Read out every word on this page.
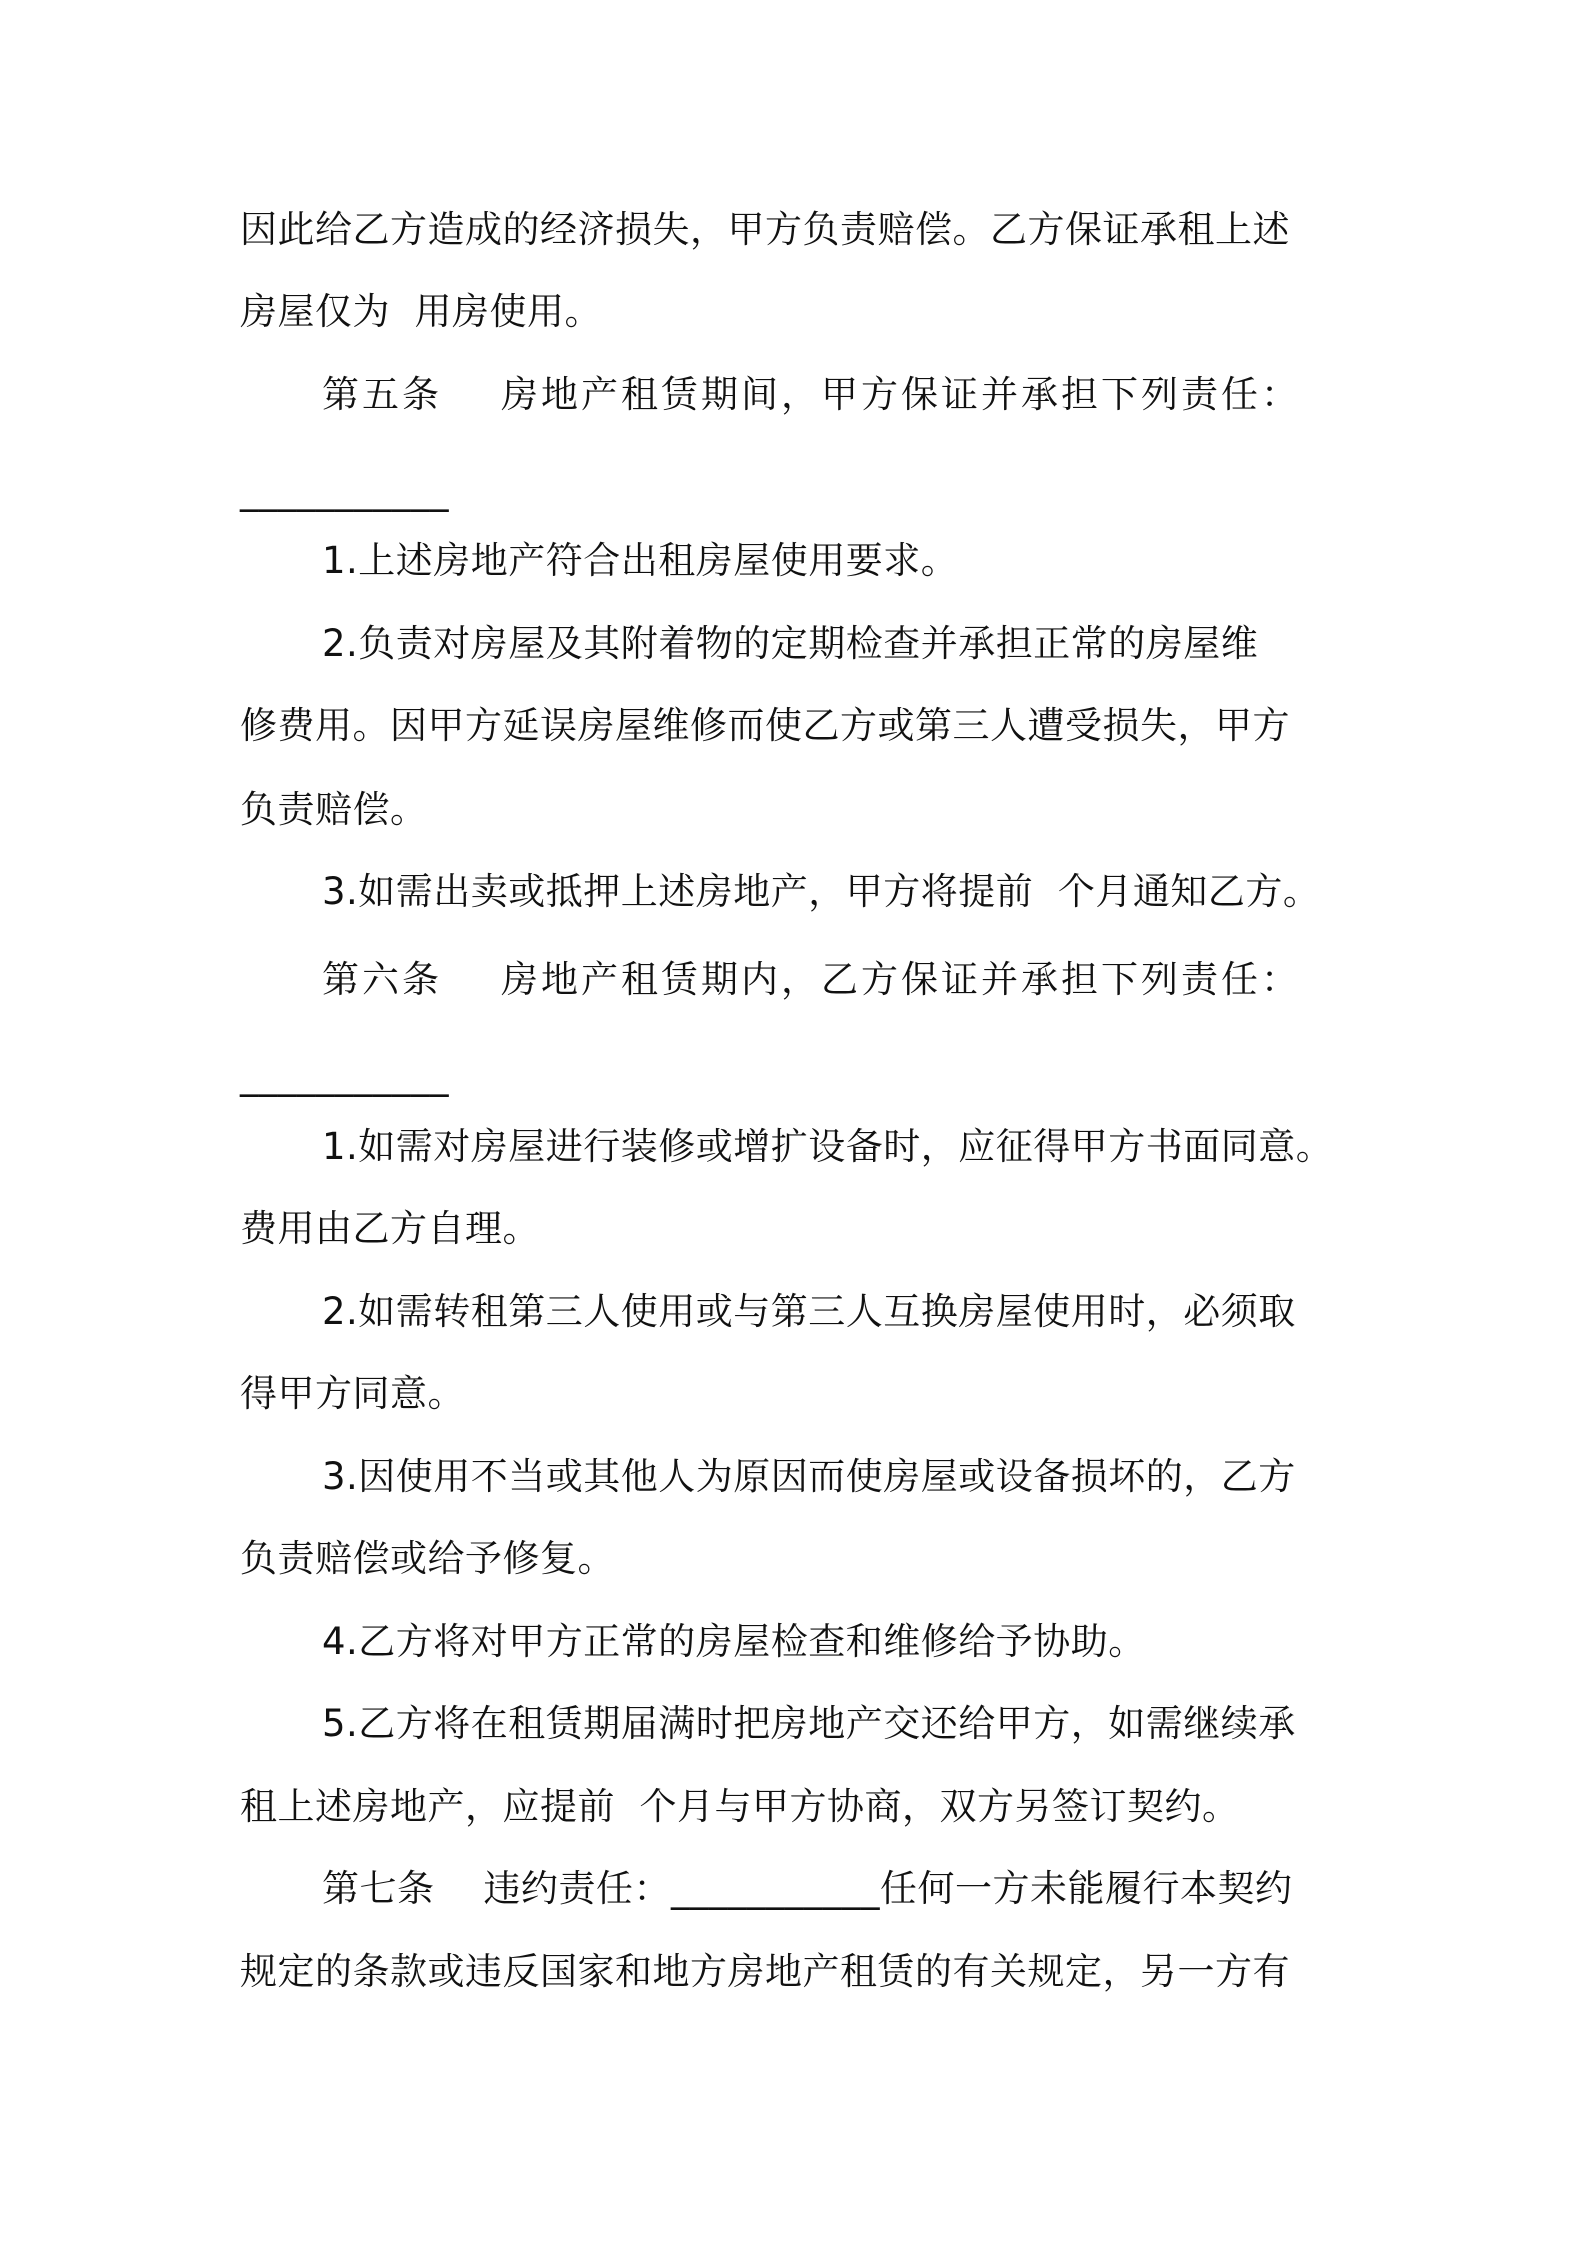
因此给乙方造成的经济损失，甲方负责赔偿。乙方保证承租上述
房屋仅为  用房使用。
第五条    房地产租赁期间，甲方保证并承担下列责任：
___________
1.上述房地产符合出租房屋使用要求。
2.负责对房屋及其附着物的定期检查并承担正常的房屋维
修费用。因甲方延误房屋维修而使乙方或第三人遭受损失，甲方
负责赔偿。
3.如需出卖或抵押上述房地产，甲方将提前  个月通知乙方。
第六条    房地产租赁期内，乙方保证并承担下列责任：
___________
1.如需对房屋进行装修或增扩设备时，应征得甲方书面同意。
费用由乙方自理。
2.如需转租第三人使用或与第三人互换房屋使用时，必须取
得甲方同意。
3.因使用不当或其他人为原因而使房屋或设备损坏的，乙方
负责赔偿或给予修复。
4.乙方将对甲方正常的房屋检查和维修给予协助。
5.乙方将在租赁期届满时把房地产交还给甲方，如需继续承
租上述房地产，应提前  个月与甲方协商，双方另签订契约。
第七条    违约责任：___________任何一方未能履行本契约
规定的条款或违反国家和地方房地产租赁的有关规定，另一方有
